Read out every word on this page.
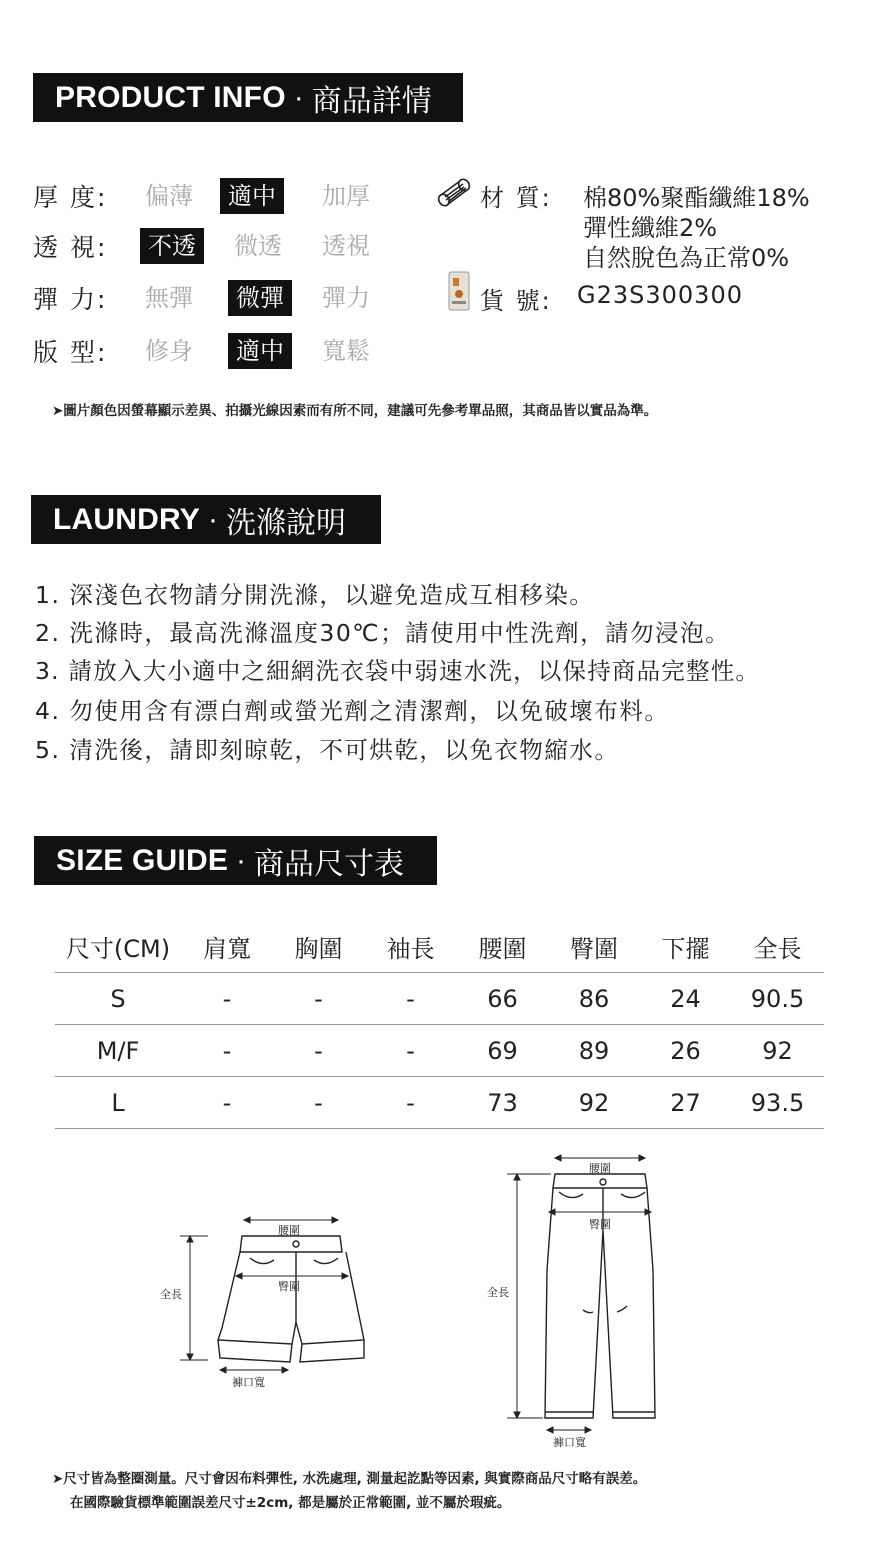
PRODUCT INFO · 商品詳情
厚 度:	偏薄	適中	加厚
透 視:	不透	微透 透視
彈 力:	無彈	微彈	彈力
版 型:	修身	適中	寬鬆
材 質: 棉80%聚酯纖維18%
彈性纖維2%
自然脫色為正常0%
貨 號: G23S300300
➤圖片顏色因螢幕顯示差異、拍攝光線因素而有所不同，建議可先參考單品照，其商品皆以實品為準。
LAUNDRY · 洗滌說明
1. 深淺色衣物請分開洗滌，以避免造成互相移染。
2. 洗滌時，最高洗滌溫度30℃；請使用中性洗劑，請勿浸泡。
3. 請放入大小適中之細網洗衣袋中弱速水洗，以保持商品完整性。
4. 勿使用含有漂白劑或螢光劑之清潔劑，以免破壞布料。
5. 清洗後，請即刻晾乾，不可烘乾，以免衣物縮水。
SIZE GUIDE · 商品尺寸表
尺寸(CM)	肩寬	胸圍	袖長	腰圍	臀圍	下擺	全長
S	-	-	-	66	86	24	90.5
M/F	-	-	-	69	89	26	92
L	-	-	-	73	92	27	93.5
腰圍
臀圍
全長
褲口寬
腰圍
臀圍
全長
褲口寬
➤尺寸皆為整圈測量。尺寸會因布料彈性, 水洗處理, 測量起訖點等因素, 與實際商品尺寸略有誤差。
在國際驗貨標準範圍誤差尺寸±2cm, 都是屬於正常範圍, 並不屬於瑕疵。
